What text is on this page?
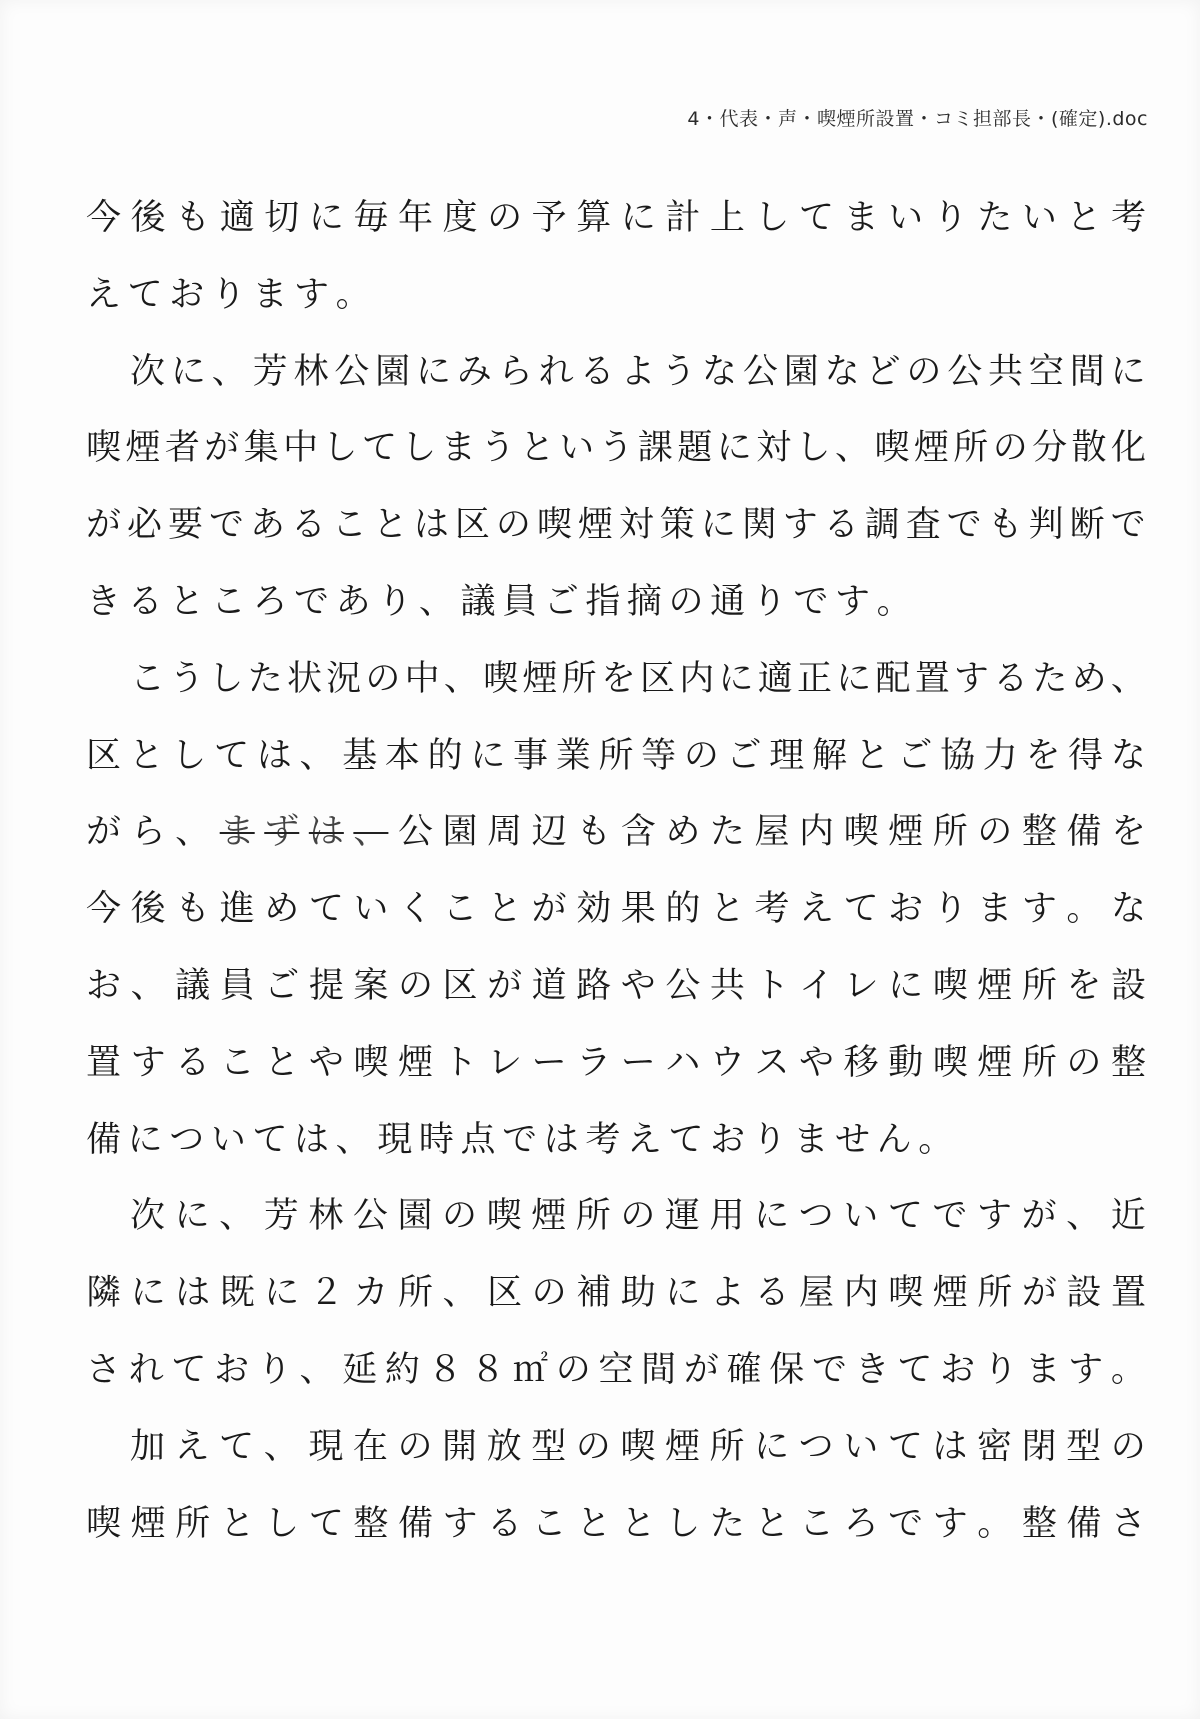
4・代表・声・喫煙所設置・コミ担部長・(確定).doc
今 後 も 適 切 に 毎 年 度 の 予 算 に 計 上 し て ま い り た い と 考
え て お り ま す 。
次 に 、 芳 林 公 園 に み ら れ る よ う な 公 園 な ど の 公 共 空 間 に
喫 煙 者 が 集 中 し て し ま う と い う 課 題 に 対 し 、 喫 煙 所 の 分 散 化
が 必 要 で あ る こ と は 区 の 喫 煙 対 策 に 関 す る 調 査 で も 判 断 で
き る と こ ろ で あ り 、 議 員 ご 指 摘 の 通 り で す 。
こ う し た 状 況 の 中 、 喫 煙 所 を 区 内 に 適 正 に 配 置 す る た め 、
区 と し て は 、 基 本 的 に 事 業 所 等 の ご 理 解 と ご 協 力 を 得 な
が ら 、 ま ず は 、 公 園 周 辺 も 含 め た 屋 内 喫 煙 所 の 整 備 を
今 後 も 進 め て い く こ と が 効 果 的 と 考 え て お り ま す 。 な
お 、 議 員 ご 提 案 の 区 が 道 路 や 公 共 ト イ レ に 喫 煙 所 を 設
置 す る こ と や 喫 煙 ト レ ー ラ ー ハ ウ ス や 移 動 喫 煙 所 の 整
備 に つ い て は 、 現 時 点 で は 考 え て お り ま せ ん 。
次 に 、 芳 林 公 園 の 喫 煙 所 の 運 用 に つ い て で す が 、 近
隣 に は 既 に ２ カ 所 、 区 の 補 助 に よ る 屋 内 喫 煙 所 が 設 置
さ れ て お り 、 延 約 ８ ８ ㎡ の 空 間 が 確 保 で き て お り ま す 。
加 え て 、 現 在 の 開 放 型 の 喫 煙 所 に つ い て は 密 閉 型 の
喫 煙 所 と し て 整 備 す る こ と と し た と こ ろ で す 。 整 備 さ
